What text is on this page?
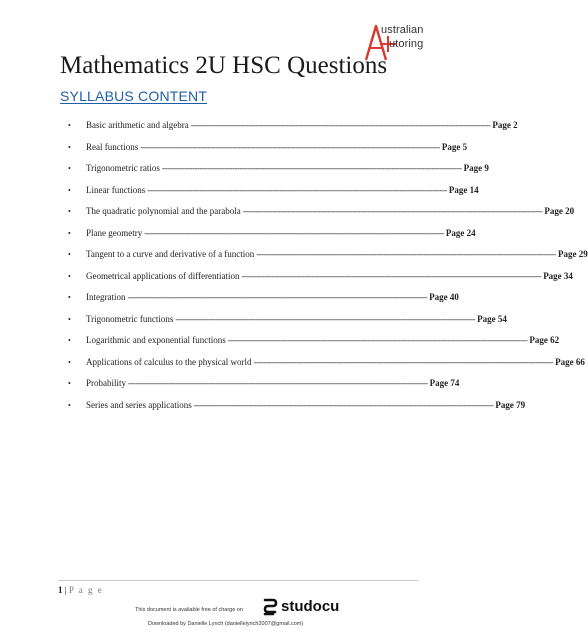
ustralian
utoring
Mathematics 2U HSC Questions
SYLLABUS CONTENT
•	Basic arithmetic and algebra ------------------------------------------------------------------------------------------------------------------------ Page 2
•	Real functions ------------------------------------------------------------------------------------------------------------------------ Page 5
•	Trigonometric ratios ------------------------------------------------------------------------------------------------------------------------ Page 9
•	Linear functions ------------------------------------------------------------------------------------------------------------------------ Page 14
•	The quadratic polynomial and the parabola ------------------------------------------------------------------------------------------------------------------------ Page 20
•	Plane geometry ------------------------------------------------------------------------------------------------------------------------ Page 24
•	Tangent to a curve and derivative of a function ------------------------------------------------------------------------------------------------------------------------ Page 29
•	Geometrical applications of differentiation ------------------------------------------------------------------------------------------------------------------------ Page 34
•	Integration ------------------------------------------------------------------------------------------------------------------------ Page 40
•	Trigonometric functions ------------------------------------------------------------------------------------------------------------------------ Page 54
•	Logarithmic and exponential functions ------------------------------------------------------------------------------------------------------------------------ Page 62
•	Applications of calculus to the physical world ------------------------------------------------------------------------------------------------------------------------ Page 66
•	Probability ------------------------------------------------------------------------------------------------------------------------ Page 74
•	Series and series applications ------------------------------------------------------------------------------------------------------------------------ Page 79
1 | P a g e
This document is available free of charge on	studocu
Downloaded by Danielle Lynch (daniellelynch2007@gmail.com)
